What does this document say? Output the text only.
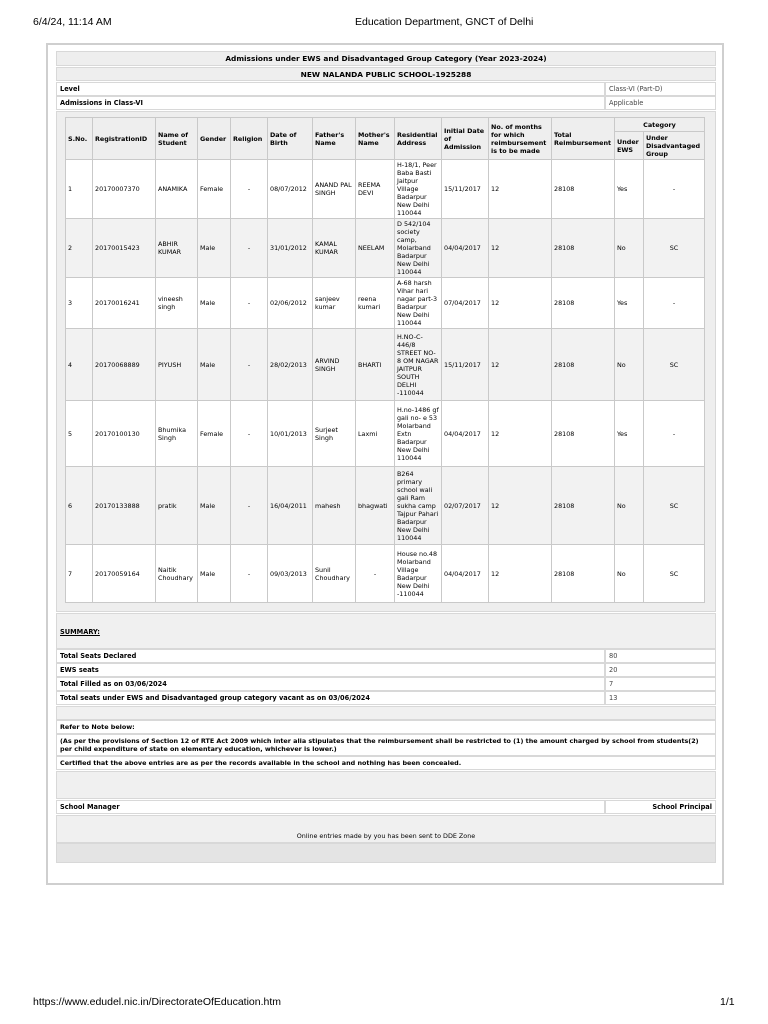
6/4/24, 11:14 AM	Education Department, GNCT of Delhi
Admissions under EWS and Disadvantaged Group Category (Year 2023-2024)
NEW NALANDA PUBLIC SCHOOL-1925288
Level	Class-VI (Part-D)
Admissions in Class-VI	Applicable
S.No.	RegistrationID	Name of Student	Gender	Religion	Date of Birth	Father's Name	Mother's Name	Residential Address	Initial Date of Admission	No. of months for which reimbursement is to be made	Total Reimbursement	Category	
												Under EWS	Under Disadvantaged Group
1	20170007370	ANAMIKA	Female	-	08/07/2012	ANAND PAL SINGH	REEMA DEVI	H-18/1, Peer Baba Basti Jaitpur Village Badarpur New Delhi 110044	15/11/2017	12	28108	Yes	-
2	20170015423	ABHIR KUMAR	Male	-	31/01/2012	KAMAL KUMAR	NEELAM	D 542/104 society camp, Molarband Badarpur New Delhi 110044	04/04/2017	12	28108	No	SC
3	20170016241	vineesh singh	Male	-	02/06/2012	sanjeev kumar	reena kumari	A-68 harsh Vihar hari nagar part-3 Badarpur New Delhi 110044	07/04/2017	12	28108	Yes	-
4	20170068889	PIYUSH	Male	-	28/02/2013	ARVIND SINGH	BHARTI	H.NO-C-446/8 STREET NO-8 OM NAGAR JAITPUR SOUTH DELHI -110044	15/11/2017	12	28108	No	SC
5	20170100130	Bhumika Singh	Female	-	10/01/2013	Surjeet Singh	Laxmi	H.no-1486 gf gali no- e 53 Molarband Extn Badarpur New Delhi 110044	04/04/2017	12	28108	Yes	-
6	20170133888	pratik	Male	-	16/04/2011	mahesh	bhagwati	B264 primary school wali gali Ram sukha camp Tajpur Pahari Badarpur New Delhi 110044	02/07/2017	12	28108	No	SC
7	20170059164	Naitik Choudhary	Male	-	09/03/2013	Sunil Choudhary	-	House no.48 Molarband Village Badarpur New Delhi -110044	04/04/2017	12	28108	No	SC
SUMMARY:
Total Seats Declared	80
EWS seats	20
Total Filled as on 03/06/2024	7
Total seats under EWS and Disadvantaged group category vacant as on 03/06/2024	13
Refer to Note below:
(As per the provisions of Section 12 of RTE Act 2009 which inter alia stipulates that the reimbursement shall be restricted to (1) the amount charged by school from students(2) per child expenditure of state on elementary education, whichever is lower.)
Certified that the above entries are as per the records available in the school and nothing has been concealed.
School Manager	School Principal
Online entries made by you has been sent to DDE Zone
https://www.edudel.nic.in/DirectorateOfEducation.htm	1/1
